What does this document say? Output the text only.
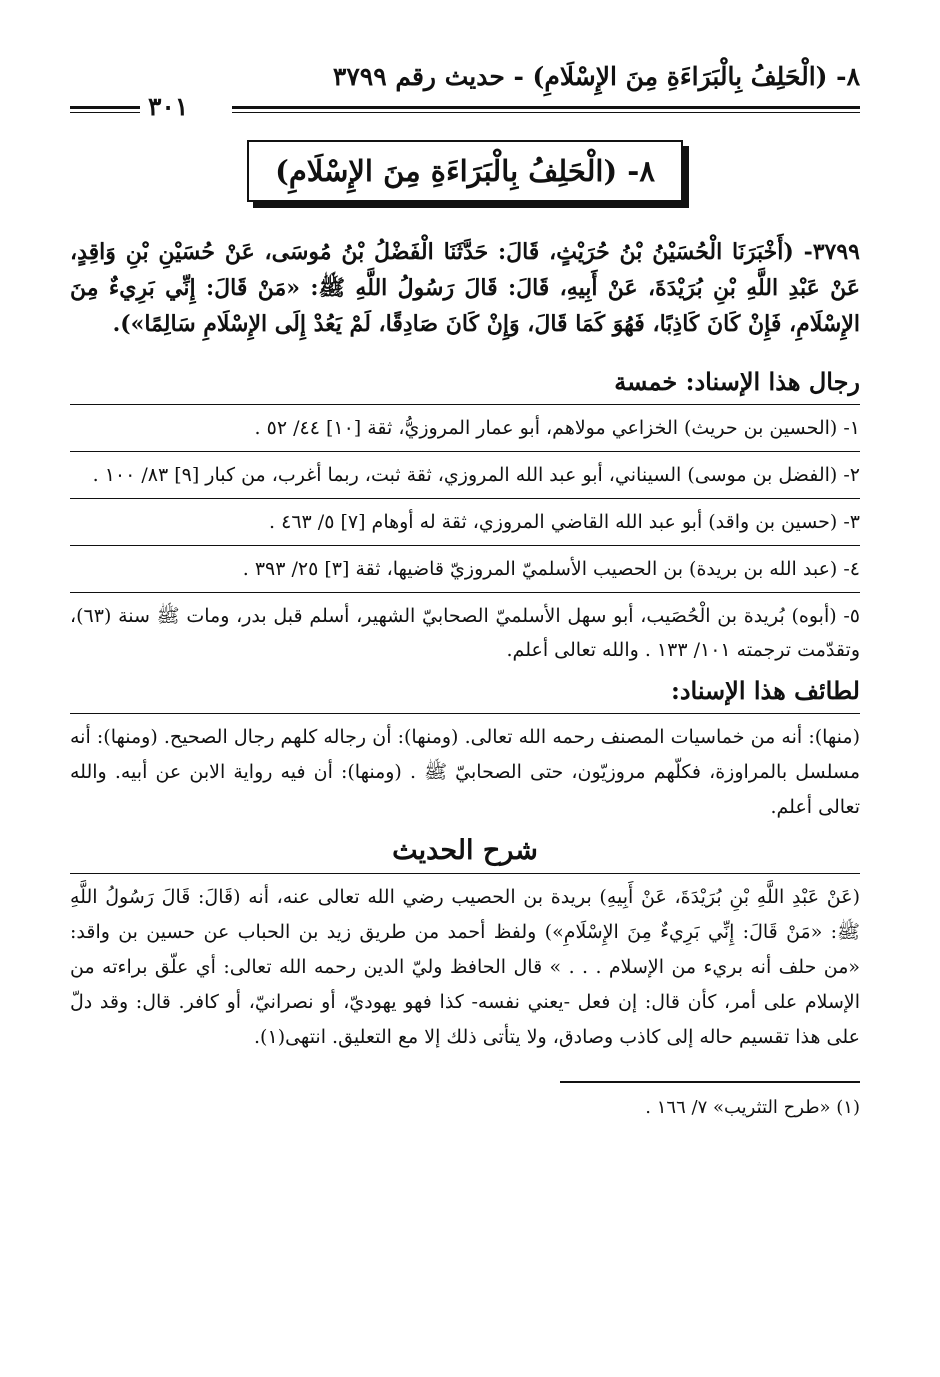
٨- (الْحَلِفُ بِالْبَرَاءَةِ مِنَ الإِسْلَامِ) - حديث رقم ٣٧٩٩
٣٠١
٨- (الْحَلِفُ بِالْبَرَاءَةِ مِنَ الإِسْلَامِ)

٣٧٩٩- (أَخْبَرَنَا الْحُسَيْنُ بْنُ حُرَيْثٍ، قَالَ: حَدَّثَنَا الْفَضْلُ بْنُ مُوسَى، عَنْ حُسَيْنِ بْنِ وَاقِدٍ، عَنْ عَبْدِ اللَّهِ بْنِ بُرَيْدَةَ، عَنْ أَبِيهِ، قَالَ: قَالَ رَسُولُ اللَّهِ ﷺ: «مَنْ قَالَ: إِنِّي بَرِيءٌ مِنَ الإِسْلَامِ، فَإِنْ كَانَ كَاذِبًا، فَهُوَ كَمَا قَالَ، وَإِنْ كَانَ صَادِقًا، لَمْ يَعُدْ إِلَى الإِسْلَامِ سَالِمًا»).

رجال هذا الإسناد: خمسة
١- (الحسين بن حريث) الخزاعي مولاهم، أبو عمار المروزيُّ، ثقة [١٠] ٤٤/ ٥٢ .
٢- (الفضل بن موسى) السيناني، أبو عبد الله المروزي، ثقة ثبت، ربما أغرب، من كبار [٩] ٨٣/ ١٠٠ .
٣- (حسين بن واقد) أبو عبد الله القاضي المروزي، ثقة له أوهام [٧] ٥/ ٤٦٣ .
٤- (عبد الله بن بريدة) بن الحصيب الأسلميّ المروزيّ قاضيها، ثقة [٣] ٢٥/ ٣٩٣ .
٥- (أبوه) بُريدة بن الْحُصَيب، أبو سهل الأسلميّ الصحابيّ الشهير، أسلم قبل بدر، ومات ﷺ سنة (٦٣)، وتقدّمت ترجمته ١٠١/ ١٣٣ . والله تعالى أعلم.
لطائف هذا الإسناد:
(منها): أنه من خماسيات المصنف رحمه الله تعالى. (ومنها): أن رجاله كلهم رجال الصحيح. (ومنها): أنه مسلسل بالمراوزة، فكلّهم مروزيّون، حتى الصحابيّ ﷺ . (ومنها): أن فيه رواية الابن عن أبيه. والله تعالى أعلم.
شرح الحديث
(عَنْ عَبْدِ اللَّهِ بْنِ بُرَيْدَةَ، عَنْ أَبِيهِ) بريدة بن الحصيب رضي الله تعالى عنه، أنه (قَالَ: قَالَ رَسُولُ اللَّهِ ﷺ: «مَنْ قَالَ: إِنِّي بَرِيءٌ مِنَ الإِسْلَامِ») ولفظ أحمد من طريق زيد بن الحباب عن حسين بن واقد: «من حلف أنه بريء من الإسلام . . . » قال الحافظ وليّ الدين رحمه الله تعالى: أي علّق براءته من الإسلام على أمر، كأن قال: إن فعل -يعني نفسه- كذا فهو يهوديّ، أو نصرانيّ، أو كافر. قال: وقد دلّ على هذا تقسيم حاله إلى كاذب وصادق، ولا يتأتى ذلك إلا مع التعليق. انتهى(١).
(١) «طرح التثريب» ٧/ ١٦٦ .
